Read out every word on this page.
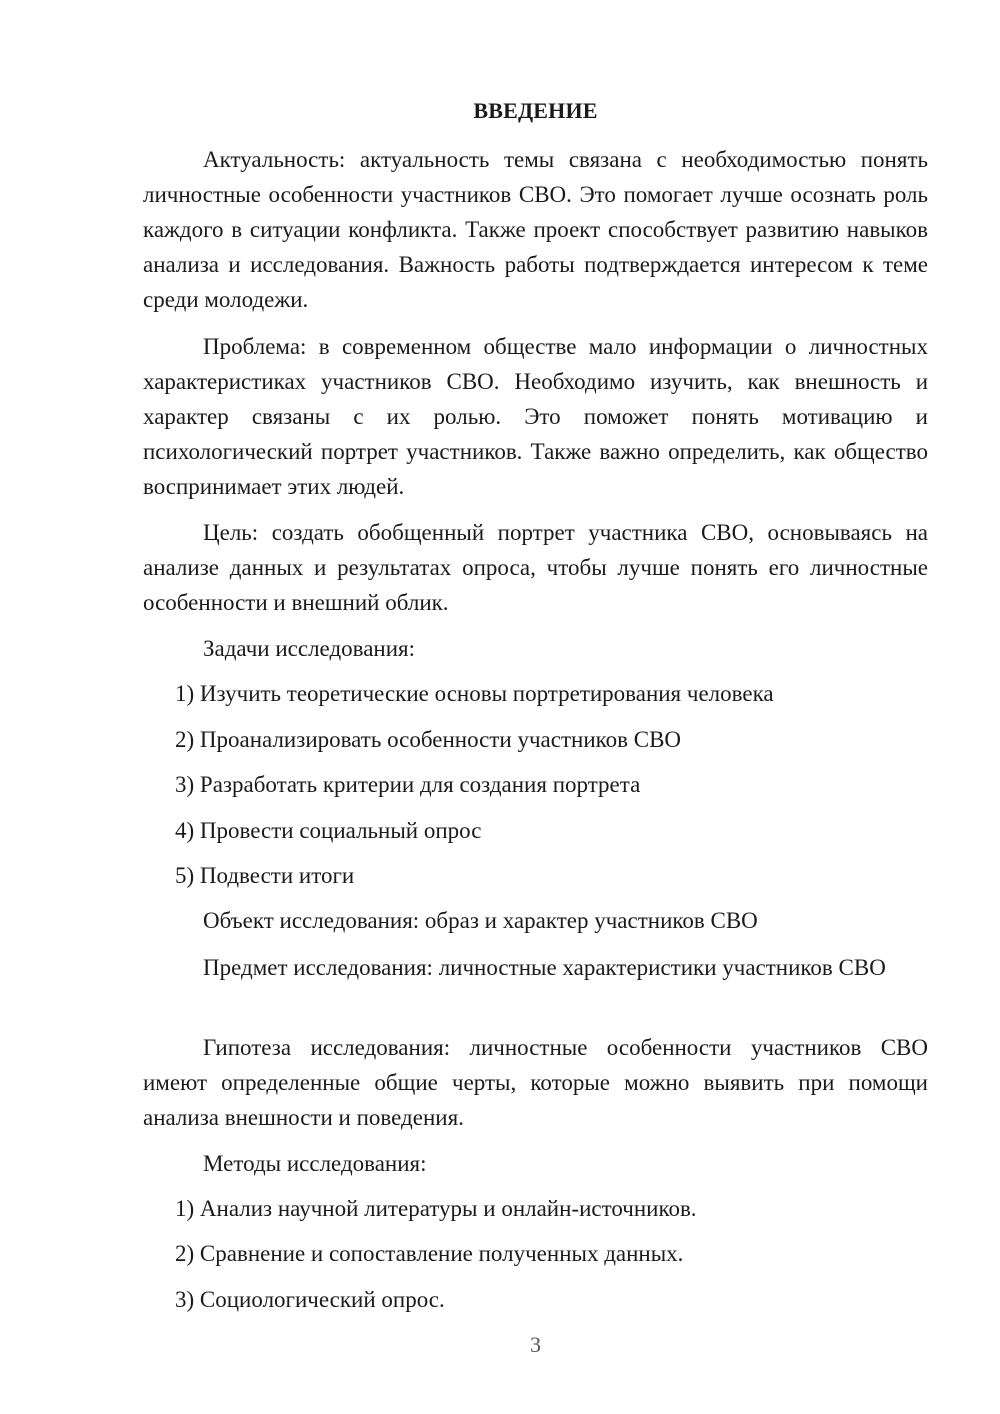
ВВЕДЕНИЕ

Актуальность: актуальность темы связана с необходимостью понять личностные особенности участников СВО. Это помогает лучше осознать роль каждого в ситуации конфликта. Также проект способствует развитию навыков анализа и исследования. Важность работы подтверждается интересом к теме среди молодежи.

Проблема: в современном обществе мало информации о личностных характеристиках участников СВО. Необходимо изучить, как внешность и характер связаны с их ролью. Это поможет понять мотивацию и психологический портрет участников. Также важно определить, как общество воспринимает этих людей.

Цель: создать обобщенный портрет участника СВО, основываясь на анализе данных и результатах опроса, чтобы лучше понять его личностные особенности и внешний облик.

Задачи исследования:
1) Изучить теоретические основы портретирования человека
2) Проанализировать особенности участников СВО
3) Разработать критерии для создания портрета
4) Провести социальный опрос
5) Подвести итоги
Объект исследования: образ и характер участников СВО

Предмет исследования: личностные характеристики участников СВО

Гипотеза исследования: личностные особенности участников СВО имеют определенные общие черты, которые можно выявить при помощи анализа внешности и поведения.

Методы исследования:
1) Анализ научной литературы и онлайн-источников.
2) Сравнение и сопоставление полученных данных.
3) Социологический опрос.
3
